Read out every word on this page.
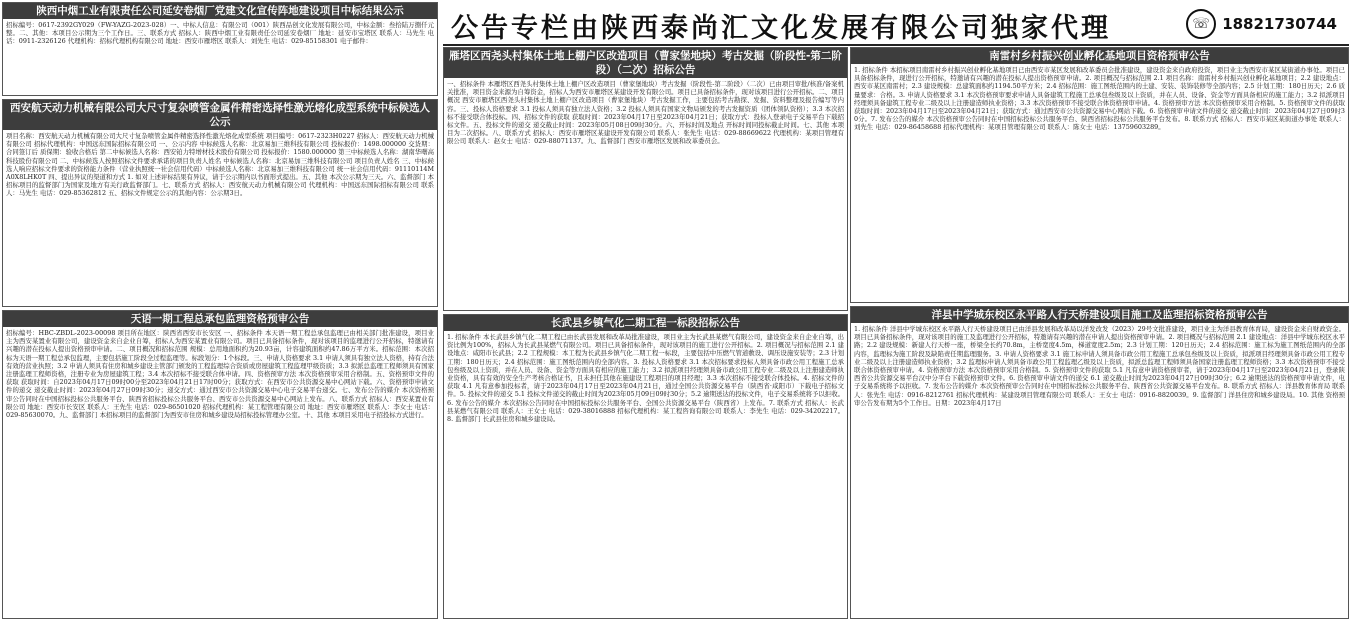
公告专栏由陕西泰尚汇文化发展有限公司独家代理	☏ 18821730744
陕西中烟工业有限责任公司延安卷烟厂党建文化宣传阵地建设项目中标结果公示
招标编号：0617-2392GY029（FW-YAZG-2023-028）一、中标人信息：有限公司（001）陕西品创文化发展有限公司，中标金额：叁拾陆万捌仟元整。二、其他：本项目公示期为三个工作日。三、联系方式 招标人：陕西中烟工业有限责任公司延安卷烟厂 地址：延安市宝塔区 联系人：马先生 电话：0911-2326126 代理机构：招标代理机构有限公司 地址：西安市雁塔区 联系人：刘先生 电话：029-85158301 电子邮件：
西安航天动力机械有限公司大尺寸复杂喷管金属件精密选择性激光熔化成型系统中标候选人公示
项目名称：西安航天动力机械有限公司大尺寸复杂喷管金属件精密选择性激光熔化成型系统 项目编号：0617-2323H0227 招标人：西安航天动力机械有限公司 招标代理机构：中国远东国际招标有限公司 一、公示内容 中标候选人名称：北京易加三维科技有限公司 投标报价：1498.000000 交货期：合同签订后 质保期：验收合格后 第二中标候选人名称：西安铂力特增材技术股份有限公司 投标报价：1580.000000 第三中标候选人名称：湖南华曙高科技股份有限公司 二、中标候选人按照招标文件要求承诺的项目负责人姓名 中标候选人名称：北京易加三维科技有限公司 项目负责人姓名 三、中标候选人响应招标文件要求的资格能力条件（营业执照统一社会信用代码）中标候选人名称：北京易加三维科技有限公司 统一社会信用代码：91110114MA0X8LHK0T 四、提出异议的渠道和方式 1. 如对上述评标结果有异议，请于公示期内以书面形式提出。五、其他 本次公示期为三天。六、监督部门 本招标项目的监督部门为国家及地方有关行政监督部门。七、联系方式 招标人：西安航天动力机械有限公司 代理机构：中国远东国际招标有限公司 联系人：马先生 电话：029-85362812 五、招标文件规定公示的其他内容：公示期3日。
天语一期工程总承包监理资格预审公告
招标编号：HBC-ZBDL-2023-00098 项目所在地区：陕西省西安市长安区 一、招标条件 本天语一期工程总承包监理已由相关部门批准建设，项目业主为西安某置业有限公司，建设资金来自企业自筹，招标人为西安某置业有限公司。项目已具备招标条件，现对该项目的监理进行公开招标，特邀请有兴趣的潜在投标人提出资格预审申请。二、项目概况和招标范围 规模：总用地面积约为20.93亩，计容建筑面积约47.86万平方米。招标范围：本次招标为天语一期工程总承包监理，主要包括施工阶段全过程监理等。标段划分：1个标段。三、申请人资格要求 3.1 申请人须具有独立法人资格，持有合法有效的营业执照；3.2 申请人须具有住房和城乡建设主管部门颁发的工程监理综合资质或房屋建筑工程监理甲级资质；3.3 拟派总监理工程师须具有国家注册监理工程师资格，注册专业为房屋建筑工程；3.4 本次招标不接受联合体申请。四、资格预审方法 本次资格预审采用合格制。五、资格预审文件的获取 获取时间：自2023年04月17日09时00分至2023年04月21日17时00分；获取方式：在西安市公共资源交易中心网站下载。六、资格预审申请文件的递交 递交截止时间：2023年04月27日09时30分；递交方式：通过西安市公共资源交易中心电子交易平台递交。七、发布公告的媒介 本次资格预审公告同时在中国招标投标公共服务平台、陕西省招标投标公共服务平台、西安市公共资源交易中心网站上发布。八、联系方式 招标人：西安某置业有限公司 地址：西安市长安区 联系人：王先生 电话：029-86501020 招标代理机构：某工程管理有限公司 地址：西安市雁塔区 联系人：李女士 电话：029-85630070。九、监督部门 本招标项目的监督部门为西安市住房和城乡建设局招标投标管理办公室。十、其他 本项目采用电子招投标方式进行。
雁塔区西尧头村集体土地上棚户区改造项目（曹家堡地块）考古发掘（阶段性-第二阶段）（二次）招标公告
一、招标条件 本雁塔区西尧头村集体土地上棚户区改造项目（曹家堡地块）考古发掘（阶段性-第二阶段）（二次）已由项目审批/核准/备案机关批准，项目资金来源为自筹资金，招标人为西安市雁塔区某建设开发有限公司。项目已具备招标条件，现对该项目进行公开招标。二、项目概况 西安市雁塔区西尧头村集体土地上棚户区改造项目（曹家堡地块）考古发掘工作，主要包括考古勘探、发掘、资料整理及报告编写等内容。三、投标人资格要求 3.1 投标人须具有独立法人资格；3.2 投标人须具有国家文物局颁发的考古发掘资质（团体领队资格）；3.3 本次招标不接受联合体投标。四、招标文件的获取 获取时间：2023年04月17日至2023年04月21日；获取方式：投标人登录电子交易平台下载招标文件。五、投标文件的递交 递交截止时间：2023年05月08日09时30分。六、开标时间及地点 开标时间同投标截止时间。七、其他 本项目为二次招标。八、联系方式 招标人：西安市雁塔区某建设开发有限公司 联系人：张先生 电话：029-88669622 代理机构：某项目管理有限公司 联系人：赵女士 电话：029-88071137。九、监督部门 西安市雁塔区发展和改革委员会。
长武县乡镇气化二期工程一标段招标公告
1. 招标条件 本长武县乡镇气化二期工程已由长武县发展和改革局批准建设，项目业主为长武县某燃气有限公司，建设资金来自企业自筹，出资比例为100%，招标人为长武县某燃气有限公司。项目已具备招标条件，现对该项目的施工进行公开招标。2. 项目概况与招标范围 2.1 建设地点：咸阳市长武县；2.2 工程规模：本工程为长武县乡镇气化二期工程一标段，主要包括中压燃气管道敷设、调压设施安装等；2.3 计划工期：180日历天；2.4 招标范围：施工图纸范围内的全部内容。3. 投标人资格要求 3.1 本次招标要求投标人须具备市政公用工程施工总承包叁级及以上资质，并在人员、设备、资金等方面具有相应的施工能力；3.2 拟派项目经理须具备市政公用工程专业二级及以上注册建造师执业资格，具有有效的安全生产考核合格证书，且未担任其他在施建设工程项目的项目经理；3.3 本次招标不接受联合体投标。4. 招标文件的获取 4.1 凡有意参加投标者，请于2023年04月17日至2023年04月21日，通过全国公共资源交易平台（陕西省·咸阳市）下载电子招标文件。5. 投标文件的递交 5.1 投标文件递交的截止时间为2023年05月09日09时30分；5.2 逾期送达的投标文件，电子交易系统将予以拒收。6. 发布公告的媒介 本次招标公告同时在中国招标投标公共服务平台、全国公共资源交易平台（陕西省）上发布。7. 联系方式 招标人：长武县某燃气有限公司 联系人：王女士 电话：029-38016888 招标代理机构：某工程咨询有限公司 联系人：李先生 电话：029-34202217。8. 监督部门 长武县住房和城乡建设局。
南雷村乡村振兴创业孵化基地项目资格预审公告
1. 招标条件 本招标项目南雷村乡村振兴创业孵化基地项目已由西安市某区发展和改革委员会批准建设，建设资金来自政府投资，项目业主为西安市某区某街道办事处。项目已具备招标条件，现进行公开招标，特邀请有兴趣的潜在投标人提出资格预审申请。2. 项目概况与招标范围 2.1 项目名称：南雷村乡村振兴创业孵化基地项目；2.2 建设地点：西安市某区南雷村；2.3 建设规模：总建筑面积约1194.50平方米；2.4 招标范围：施工图纸范围内的土建、安装、装饰装修等全部内容；2.5 计划工期：180日历天；2.6 质量要求：合格。3. 申请人资格要求 3.1 本次资格预审要求申请人具备建筑工程施工总承包叁级及以上资质，并在人员、设备、资金等方面具备相应的施工能力；3.2 拟派项目经理须具备建筑工程专业二级及以上注册建造师执业资格；3.3 本次资格预审不接受联合体资格预审申请。4. 资格预审方法 本次资格预审采用合格制。5. 资格预审文件的获取 获取时间：2023年04月17日至2023年04月21日；获取方式：通过西安市公共资源交易中心网站下载。6. 资格预审申请文件的递交 递交截止时间：2023年04月27日09时30分。7. 发布公告的媒介 本次资格预审公告同时在中国招标投标公共服务平台、陕西省招标投标公共服务平台发布。8. 联系方式 招标人：西安市某区某街道办事处 联系人：刘先生 电话：029-86458688 招标代理机构：某项目管理有限公司 联系人：陈女士 电话：13759603289。
洋县中学城东校区永平路人行天桥建设项目施工及监理招标资格预审公告
1. 招标条件 洋县中学城东校区永平路人行天桥建设项目已由洋县发展和改革局以洋发改发（2023）29号文批准建设，项目业主为洋县教育体育局，建设资金来自财政资金。项目已具备招标条件，现对该项目的施工及监理进行公开招标，特邀请有兴趣的潜在申请人提出资格预审申请。2. 项目概况与招标范围 2.1 建设地点：洋县中学城东校区永平路；2.2 建设规模：新建人行天桥一座，桥梁全长约70.8m，主桥宽度4.5m，梯道宽度2.5m；2.3 计划工期：120日历天；2.4 招标范围：施工标为施工图纸范围内的全部内容，监理标为施工阶段及缺陷责任期监理服务。3. 申请人资格要求 3.1 施工标申请人须具备市政公用工程施工总承包叁级及以上资质，拟派项目经理须具备市政公用工程专业二级及以上注册建造师执业资格；3.2 监理标申请人须具备市政公用工程监理乙级及以上资质，拟派总监理工程师须具备国家注册监理工程师资格；3.3 本次资格预审不接受联合体资格预审申请。4. 资格预审方法 本次资格预审采用合格制。5. 资格预审文件的获取 5.1 凡有意申请资格预审者，请于2023年04月17日至2023年04月21日，登录陕西省公共资源交易平台汉中分平台下载资格预审文件。6. 资格预审申请文件的递交 6.1 递交截止时间为2023年04月27日09时30分；6.2 逾期送达的资格预审申请文件，电子交易系统将予以拒收。7. 发布公告的媒介 本次资格预审公告同时在中国招标投标公共服务平台、陕西省公共资源交易平台发布。8. 联系方式 招标人：洋县教育体育局 联系人：张先生 电话：0916-8212761 招标代理机构：某建设项目管理有限公司 联系人：王女士 电话：0916-8820039。9. 监督部门 洋县住房和城乡建设局。10. 其他 资格预审公告发布期为5个工作日。日期：2023年4月17日
